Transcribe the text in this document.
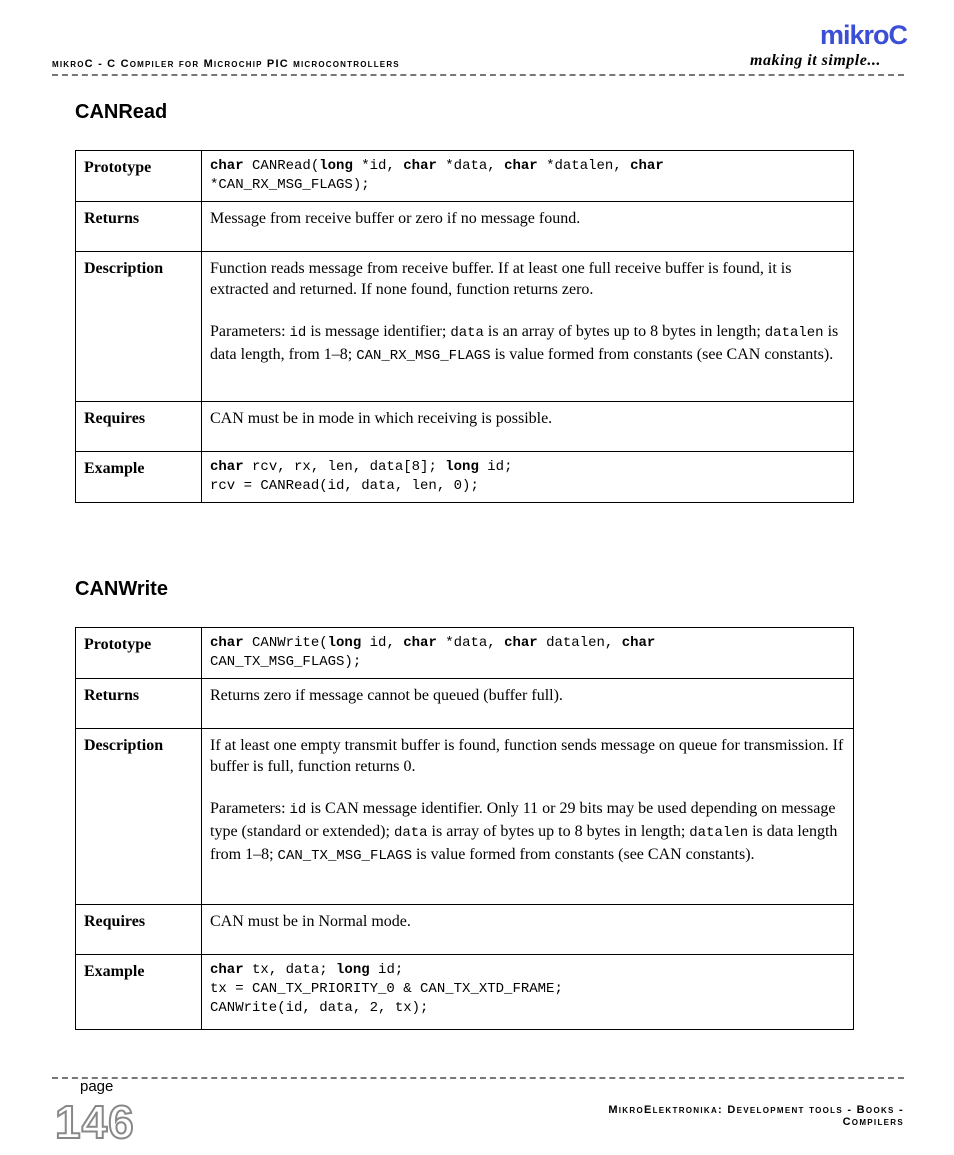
mikroC - C Compiler for Microchip PIC microcontrollers
mikroC
making it simple...
CANRead
Prototype	char CANRead(long *id, char *data, char *datalen, char
*CAN_RX_MSG_FLAGS);
Returns	Message from receive buffer or zero if no message found.
Description	Function reads message from receive buffer. If at least one full receive buffer is found, it is extracted and returned. If none found, function returns zero.

Parameters: id is message identifier; data is an array of bytes up to 8 bytes in length; datalen is data length, from 1–8; CAN_RX_MSG_FLAGS is value formed from constants (see CAN constants).

Requires	CAN must be in mode in which receiving is possible.
Example	char rcv, rx, len, data[8]; long id;
rcv = CANRead(id, data, len, 0);
CANWrite
Prototype	char CANWrite(long id, char *data, char datalen, char
CAN_TX_MSG_FLAGS);
Returns	Returns zero if message cannot be queued (buffer full).
Description	If at least one empty transmit buffer is found, function sends message on queue for transmission. If buffer is full, function returns 0.

Parameters: id is CAN message identifier. Only 11 or 29 bits may be used depending on message type (standard or extended); data is array of bytes up to 8 bytes in length; datalen is data length from 1–8; CAN_TX_MSG_FLAGS is value formed from constants (see CAN constants).

Requires	CAN must be in Normal mode.
Example	char tx, data; long id;
tx = CAN_TX_PRIORITY_0 & CAN_TX_XTD_FRAME;
CANWrite(id, data, 2, tx);
page
146	MikroElektronika: Development tools - Books - Compilers
